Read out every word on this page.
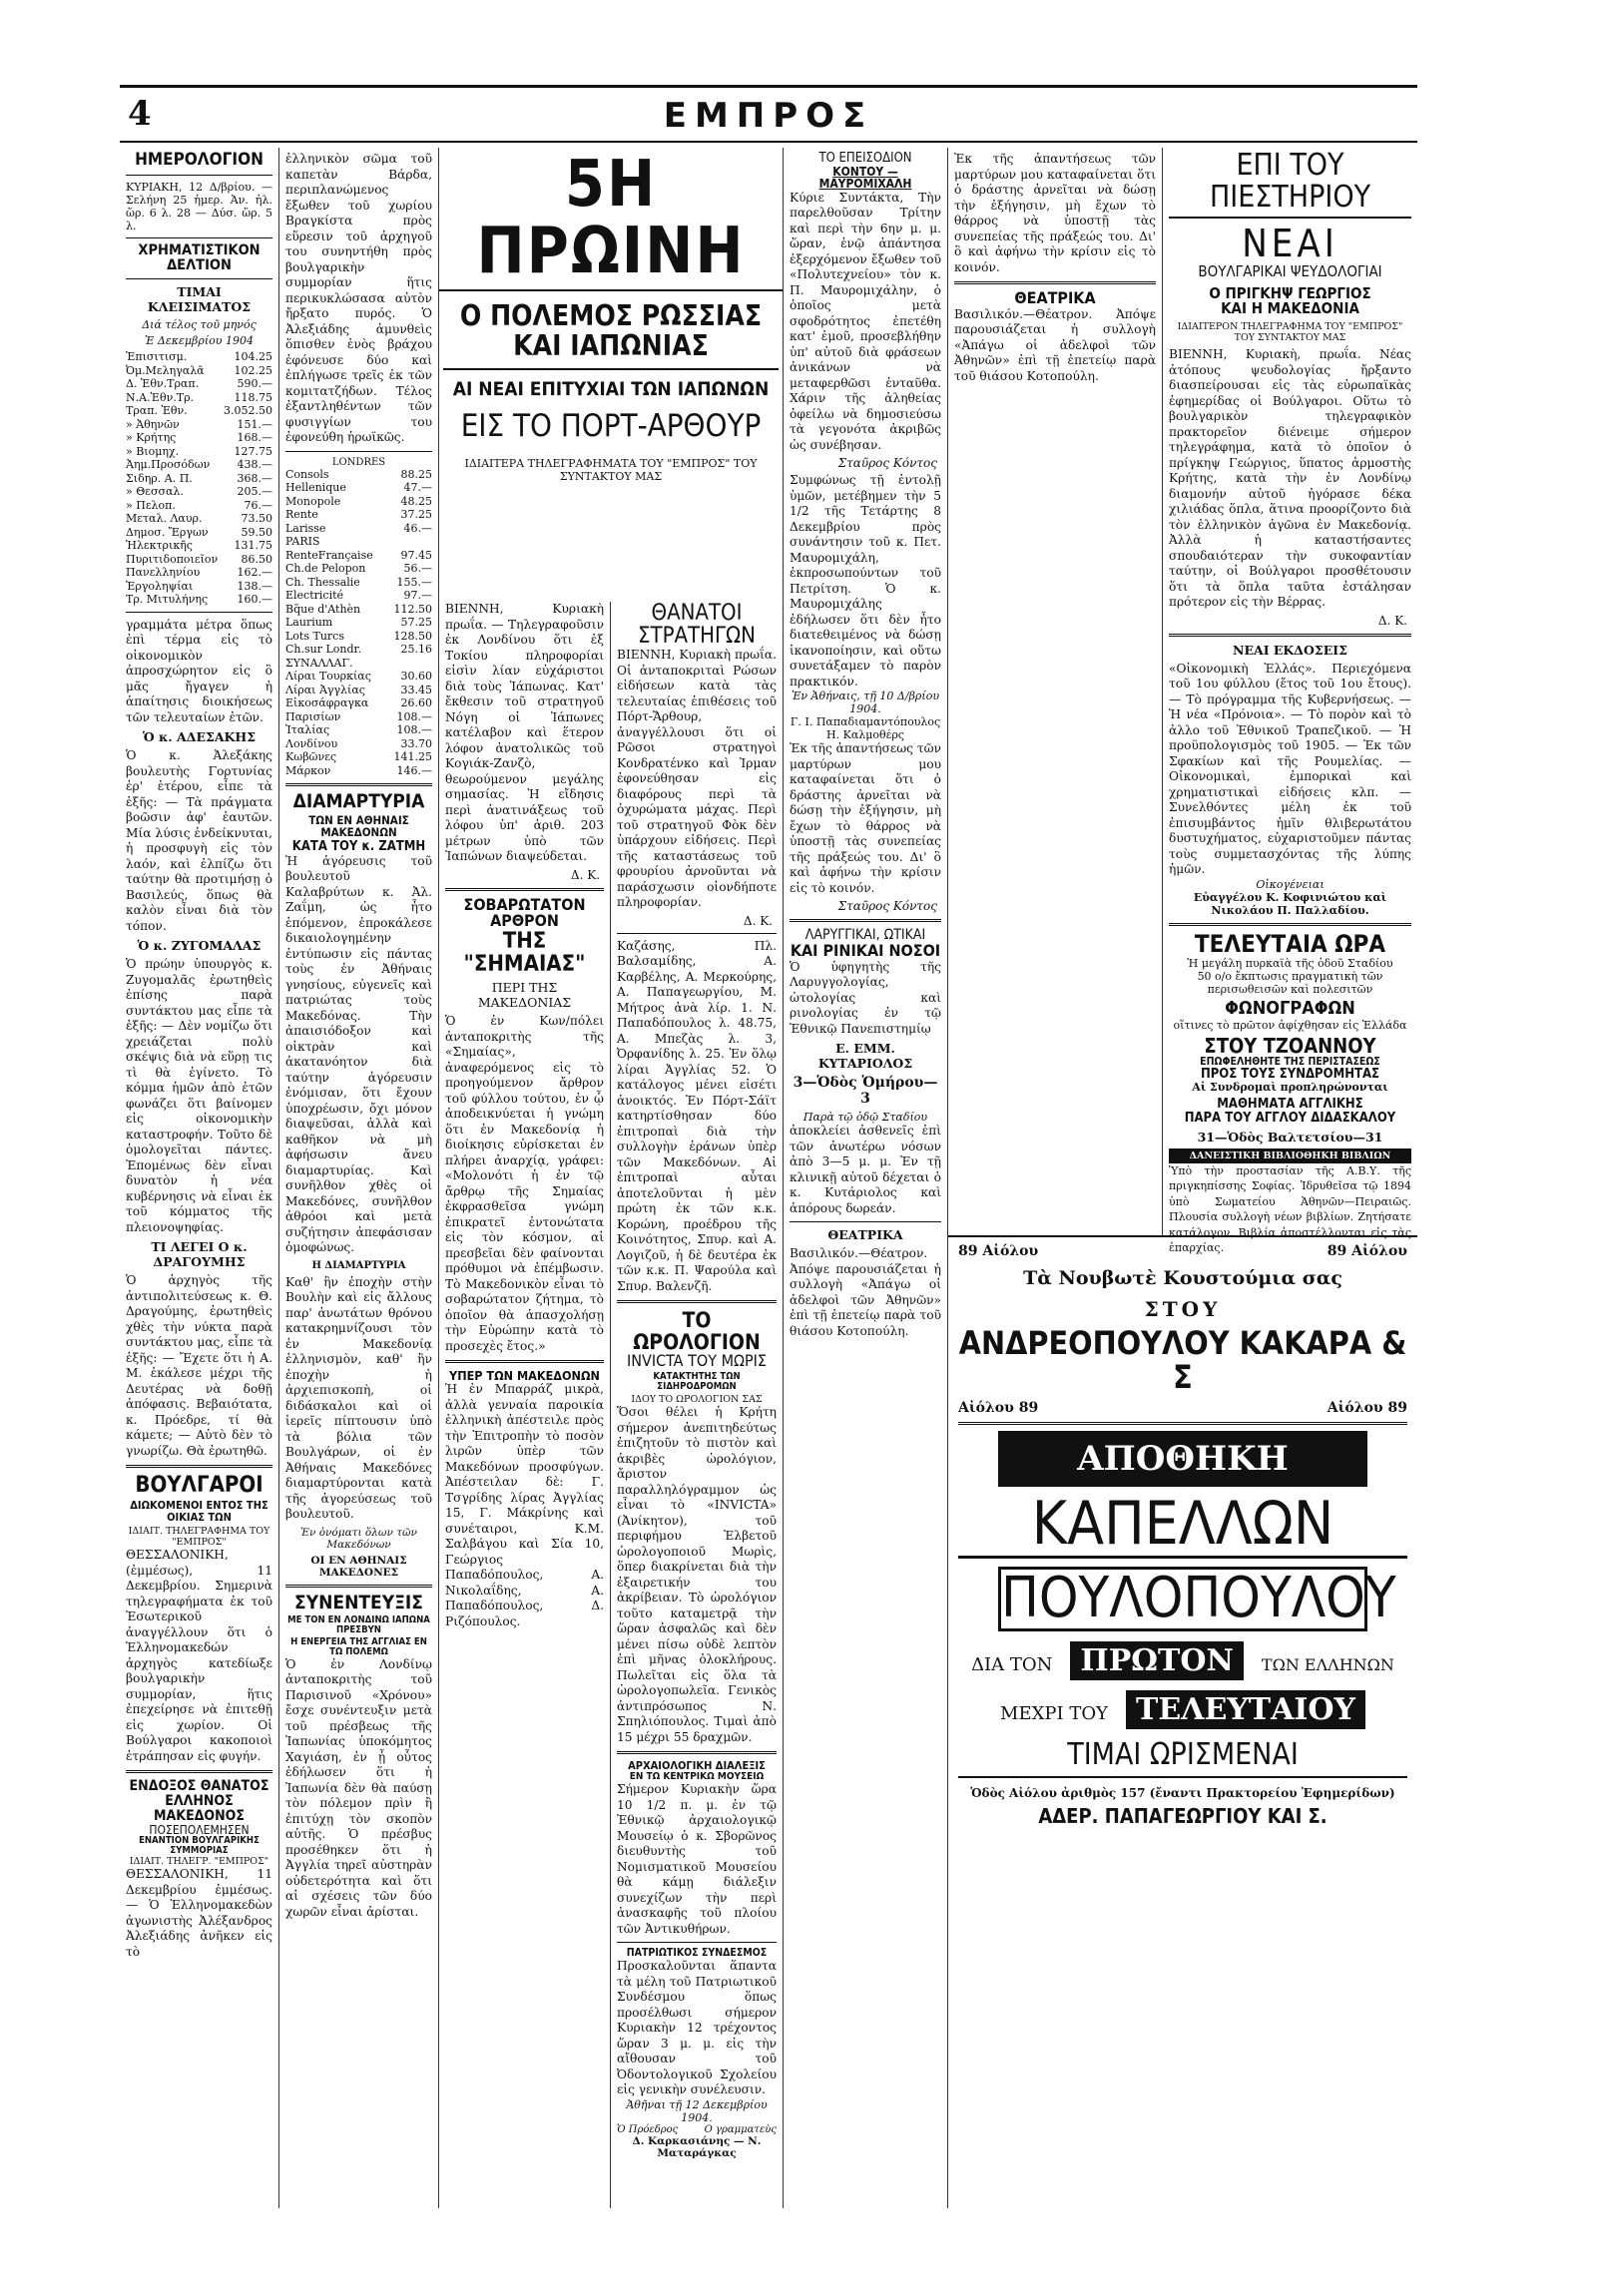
4	ΕΜΠΡΟΣ
ΗΜΕΡΟΛΟΓΙΟΝ
ΚΥΡΙΑΚΗ, 12 Δ/βρίου. — Σελήνη 25 ἡμερ. Ἀν. ἡλ. ὥρ. 6 λ. 28 — Δύσ. ὥρ. 5 λ.
ΧΡΗΜΑΤΙΣΤΙΚΟΝ ΔΕΛΤΙΟΝ
ΤΙΜΑΙ ΚΛΕΙΣΙΜΑΤΟΣ
Διά τέλος τοῦ μηνός
Ἐ Δεκεμβρίου 1904
Ἐπισιτισμ.	104.25
Ὀμ.Μεληγαλᾶ	102.25
Δ. Ἐθν.Τραπ.	590.—
Ν.Α.Ἐθν.Τρ.	118.75
Τραπ. Ἐθν.	3.052.50
» Ἀθηνῶν	151.—
» Κρήτης	168.—
» Βιομηχ.	127.75
Ἀημ.Προσόδων 438.—
Σιδηρ. Α. Π.	368.—
» Θεσσαλ.	205.—
» Πελοπ.	76.—
Μεταλ. Λαυρ.	73.50
Δημοσ. Ἔργων	59.50
Ἡλεκτρικῆς	131.75
Πυριτιδοποιεῖον 86.50
Πανελληνίου	162.—
Ἐργοληψίαι	138.—
Τρ. Μιτυλήνης	160.—
γραμμάτα μέτρα ὅπως ἐπὶ τέρμα εἰς τὸ οἰκονομικὸν ἀπροσχώρητον εἰς ὃ μᾶς ἤγαγεν ἡ ἀπαίτησις διοικήσεως τῶν τελευταίων ἐτῶν.
Ὁ κ. ΑΔΕΣΑΚΗΣ
Ὁ κ. Ἀλεξάκης βουλευτὴς Γορτυνίας ἐρ' ἑτέρου, εἶπε τὰ ἑξῆς: — Τὰ πράγματα βοῶσιν ἀφ' ἑαυτῶν. Μία λύσις ἐνδείκνυται, ἡ προσφυγὴ εἰς τὸν λαόν, καὶ ἐλπίζω ὅτι ταύτην θὰ προτιμήσῃ ὁ Βασιλεύς, ὅπως θὰ καλὸν εἶναι διὰ τὸν τόπον.
Ὁ κ. ΖΥΓΟΜΑΛΑΣ
Ὁ πρώην ὑπουργὸς κ. Ζυγομαλᾶς ἐρωτηθεὶς ἐπίσης παρὰ συντάκτου μας εἶπε τὰ ἑξῆς: — Δὲν νομίζω ὅτι χρειάζεται πολὺ σκέψις διὰ νὰ εὕρῃ τις τὶ θὰ ἐγίνετο. Τὸ κόμμα ἡμῶν ἀπὸ ἐτῶν φωνάζει ὅτι βαίνομεν εἰς οἰκονομικὴν καταστροφήν. Τοῦτο δὲ ὁμολογεῖται πάντες. Ἐπομένως δὲν εἶναι δυνατὸν ἡ νέα κυβέρνησις νὰ εἶναι ἐκ τοῦ κόμματος τῆς πλειονοψηφίας.
ΤΙ ΛΕΓΕΙ Ο κ. ΔΡΑΓΟΥΜΗΣ
Ὁ ἀρχηγὸς τῆς ἀντιπολιτεύσεως κ. Θ. Δραγούμης, ἐρωτηθεὶς χθὲς τὴν νύκτα παρὰ συντάκτου μας, εἶπε τὰ ἑξῆς: — Ἔχετε ὅτι ἡ Α. Μ. ἐκάλεσε μέχρι τῆς Δευτέρας νὰ δοθῇ ἀπόφασις. Βεβαιότατα, κ. Πρόεδρε, τί θὰ κάμετε; — Αὐτὸ δὲν τὸ γνωρίζω. Θὰ ἐρωτηθῶ.
ΒΟΥΛΓΑΡΟΙ
ΔΙΩΚΟΜΕΝΟΙ ΕΝΤΟΣ ΤΗΣ ΟΙΚΙΑΣ ΤΩΝ
ΙΔΙΑΙΤ. ΤΗΛΕΓΡΑΦΗΜΑ ΤΟΥ "ΕΜΠΡΟΣ"
ΘΕΣΣΑΛΟΝΙΚΗ, (ἐμμέσως), 11 Δεκεμβρίου. Σημερινὰ τηλεγραφήματα ἐκ τοῦ Ἐσωτερικοῦ ἀναγγέλλουν ὅτι ὁ Ἑλληνομακεδών ἀρχηγὸς κατεδίωξε βουλγαρικὴν συμμορίαν, ἥτις ἐπεχείρησε νὰ ἐπιτεθῇ εἰς χωρίον. Οἱ Βούλγαροι κακοποιοὶ ἐτράπησαν εἰς φυγήν.
ΕΝΔΟΞΟΣ ΘΑΝΑΤΟΣ
ΕΛΛΗΝΟΣ ΜΑΚΕΔΟΝΟΣ
ΠΟΣΕΠΟΛΕΜΗΣΕΝ
ΕΝΑΝΤΙΟΝ ΒΟΥΛΓΑΡΙΚΗΣ ΣΥΜΜΟΡΙΑΣ
ΙΔΙΑΙΤ. ΤΗΛΕΓΡ. "ΕΜΠΡΟΣ"
ΘΕΣΣΑΛΟΝΙΚΗ, 11 Δεκεμβρίου ἐμμέσως. — Ὁ Ἑλληνομακεδὼν ἀγωνιστὴς Ἀλέξανδρος Ἀλεξιάδης ἀνῆκεν εἰς τὸ
ἑλληνικὸν σῶμα τοῦ καπετὰν Βάρδα, περιπλανώμενος ἔξωθεν τοῦ χωρίου Βραγκίστα πρὸς εὕρεσιν τοῦ ἀρχηγοῦ του συνηντήθη πρὸς βουλγαρικὴν συμμορίαν ἥτις περικυκλώσασα αὐτὸν ἤρξατο πυρός. Ὁ Ἀλεξιάδης ἀμυνθεὶς ὅπισθεν ἑνὸς βράχου ἐφόνευσε δύο καὶ ἐπλήγωσε τρεῖς ἐκ τῶν κομιτατζήδων. Τέλος ἐξαντληθέντων τῶν φυσιγγίων του ἐφονεύθη ἡρωϊκῶς.
LONDRES
Consols	88.25
Hellenique	47.—
Monopole	48.25
Rente	37.25
Larisse	46.—
PARIS
RenteFrançaise	97.45
Ch.de Pelopon	56.—
Ch. Thessalie	155.—
Electricité	97.—
Bq̃ue d'Athèn	112.50
Laurium	57.25
Lots Turcs	128.50
Ch.sur Londr.	25.16
ΣΥΝΑΛΛΑΓ.
Λίραι Τουρκίας	30.60
Λίραι Ἀγγλίας	33.45
Εἰκοσάφραγκα	26.60
Παρισίων	108.—
Ἰταλίας	108.—
Λονδίνου	33.70
Κωβῶνες	141.25
Μάρκον	146.—
ΔΙΑΜΑΡΤΥΡΙΑ
ΤΩΝ ΕΝ ΑΘΗΝΑΙΣ ΜΑΚΕΔΟΝΩΝ
ΚΑΤΑ ΤΟΥ κ. ΖΑΤΜΗ
Ἡ ἀγόρευσις τοῦ βουλευτοῦ Καλαβρύτων κ. Ἀλ. Ζαΐμη, ὡς ἦτο ἑπόμενον, ἐπροκάλεσε δικαιολογημένην ἐντύπωσιν εἰς πάντας τοὺς ἐν Ἀθήναις γνησίους, εὐγενεῖς καὶ πατριώτας τοὺς Μακεδόνας. Τὴν ἀπαισιόδοξον καὶ οἰκτρὰν καὶ ἀκατανόητον διὰ ταύτην ἀγόρευσιν ἐνόμισαν, ὅτι ἔχουν ὑποχρέωσιν, ὄχι μόνον διαψεῦσαι, ἀλλὰ καὶ καθῆκον νὰ μὴ ἀφήσωσιν ἄνευ διαμαρτυρίας. Καὶ συνῆλθον χθὲς οἱ Μακεδόνες, συνῆλθον ἀθρόοι καὶ μετὰ συζήτησιν ἀπεφάσισαν ὁμοφώνως.
Η ΔΙΑΜΑΡΤΥΡΙΑ
Καθ' ἣν ἐποχὴν στὴν Βουλὴν καὶ εἰς ἄλλους παρ' ἀνωτάτων θρόνου κατακρημνίζουσι τὸν ἐν Μακεδονίᾳ ἑλληνισμὸν, καθ' ἣν ἐποχὴν ἡ ἀρχιεπισκοπὴ, οἱ διδάσκαλοι καὶ οἱ ἱερεῖς πίπτουσιν ὑπὸ τὰ βόλια τῶν Βουλγάρων, οἱ ἐν Ἀθήναις Μακεδόνες διαμαρτύρονται κατὰ τῆς ἀγορεύσεως τοῦ βουλευτοῦ.
Ἐν ὀνόματι ὅλων τῶν Μακεδόνων
ΟΙ ΕΝ ΑΘΗΝΑΙΣ ΜΑΚΕΔΟΝΕΣ
ΣΥΝΕΝΤΕΥΞΙΣ
ΜΕ ΤΟΝ ΕΝ ΛΟΝΔΙΝΩ ΙΑΠΩΝΑ ΠΡΕΣΒΥΝ
Η ΕΝΕΡΓΕΙΑ ΤΗΣ ΑΓΓΛΙΑΣ ΕΝ ΤΩ ΠΟΛΕΜΩ
Ὁ ἐν Λονδίνῳ ἀνταποκριτὴς τοῦ Παρισινοῦ «Χρόνου» ἔσχε συνέντευξιν μετὰ τοῦ πρέσβεως τῆς Ἰαπωνίας ὑποκόμητος Χαγιάση, ἐν ᾗ οὗτος ἐδήλωσεν ὅτι ἡ Ἰαπωνία δὲν θὰ παύσῃ τὸν πόλεμον πρὶν ἢ ἐπιτύχῃ τὸν σκοπὸν αὐτῆς. Ὁ πρέσβυς προσέθηκεν ὅτι ἡ Ἀγγλία τηρεῖ αὐστηρὰν οὐδετερότητα καὶ ὅτι αἱ σχέσεις τῶν δύο χωρῶν εἶναι ἀρίσται.
5Η ΠΡΩΙΝΗ
Ο ΠΟΛΕΜΟΣ ΡΩΣΣΙΑΣ ΚΑΙ ΙΑΠΩΝΙΑΣ
ΑΙ ΝΕΑΙ ΕΠΙΤΥΧΙΑΙ ΤΩΝ ΙΑΠΩΝΩΝ
ΕΙΣ ΤΟ ΠΟΡΤ-ΑΡΘΟΥΡ
ΙΔΙΑΙΤΕΡΑ ΤΗΛΕΓΡΑΦΗΜΑΤΑ ΤΟΥ "ΕΜΠΡΟΣ" ΤΟΥ ΣΥΝΤΑΚΤΟΥ ΜΑΣ
ΒΙΕΝΝΗ, Κυριακὴ πρωΐα. — Τηλεγραφοῦσιν ἐκ Λονδίνου ὅτι ἐξ Τοκίου πληροφορίαι εἰσὶν λίαν εὐχάριστοι διὰ τοὺς Ἰάπωνας. Κατ' ἔκθεσιν τοῦ στρατηγοῦ Νόγη οἱ Ἰάπωνες κατέλαβον καὶ ἕτερον λόφον ἀνατολικῶς τοῦ Κογιάκ-Ζανζὸ, θεωρούμενον μεγάλης σημασίας. Ἡ εἴδησις περὶ ἀνατινάξεως τοῦ λόφου ὑπ' ἀριθ. 203 μέτρων ὑπὸ τῶν Ἰαπώνων διαψεύδεται.
Δ. Κ.
ΣΟΒΑΡΩΤΑΤΟΝ ΑΡΘΡΟΝ
ΤΗΣ "ΣΗΜΑΙΑΣ"
ΠΕΡΙ ΤΗΣ ΜΑΚΕΔΟΝΙΑΣ
Ὁ ἐν Κων/πόλει ἀνταποκριτὴς τῆς «Σημαίας», ἀναφερόμενος εἰς τὸ προηγούμενον ἄρθρον τοῦ φύλλου τούτου, ἐν ᾧ ἀποδεικνύεται ἡ γνώμη ὅτι ἐν Μακεδονίᾳ ἡ διοίκησις εὑρίσκεται ἐν πλήρει ἀναρχίᾳ, γράφει: «Μολονότι ἡ ἐν τῷ ἄρθρῳ τῆς Σημαίας ἐκφρασθεῖσα γνώμη ἐπικρατεῖ ἐντονώτατα εἰς τὸν κόσμον, αἱ πρεσβεῖαι δὲν φαίνονται πρόθυμοι νὰ ἐπέμβωσιν. Τὸ Μακεδονικὸν εἶναι τὸ σοβαρώτατον ζήτημα, τὸ ὁποῖον θὰ ἀπασχολήσῃ τὴν Εὐρώπην κατὰ τὸ προσεχὲς ἔτος.»
ΥΠΕΡ ΤΩΝ ΜΑΚΕΔΟΝΩΝ
Ἡ ἐν Μπαρράζ μικρὰ, ἀλλὰ γενναία παροικία ἑλληνικὴ ἀπέστειλε πρὸς τὴν Ἐπιτροπὴν τὸ ποσὸν λιρῶν ὑπὲρ τῶν Μακεδόνων προσφύγων. Ἀπέστειλαν δὲ: Γ. Τσγρίδης λίρας Ἀγγλίας 15, Γ. Μάκρίνης καὶ συνέταιροι, Κ.Μ. Σαλβάγου καὶ Σία 10, Γεώργιος Παπαδόπουλος, Α. Νικολαΐδης, Α. Παπαδόπουλος, Δ. Ριζόπουλος.
ΘΑΝΑΤΟΙ
ΣΤΡΑΤΗΓΩΝ
ΒΙΕΝΝΗ, Κυριακὴ πρωΐα. Οἱ ἀνταποκριταὶ Ρώσων εἰδήσεων κατὰ τὰς τελευταίας ἐπιθέσεις τοῦ Πόρτ-Ἄρθουρ, ἀναγγέλλουσι ὅτι οἱ Ρῶσοι στρατηγοὶ Κονδρατένκο καὶ Ἰρμαν ἐφονεύθησαν εἰς διαφόρους περὶ τὰ ὀχυρώματα μάχας. Περὶ τοῦ στρατηγοῦ Φὸκ δὲν ὑπάρχουν εἰδήσεις. Περὶ τῆς καταστάσεως τοῦ φρουρίου ἀρνοῦνται νὰ παράσχωσιν οἱονδήποτε πληροφορίαν.
Δ. Κ.
Καζάσης, Πλ. Βαλσαμίδης, Α. Καρβέλης, Α. Μερκούρης, Α. Παπαγεωργίου, Μ. Μήτρος ἀνὰ λίρ. 1. Ν. Παπαδόπουλος λ. 48.75, Α. Μπεζὰς λ. 3, Ὀρφανίδης λ. 25. Ἐν ὅλῳ λίραι Ἀγγλίας 52. Ὁ κατάλογος μένει εἰσέτι ἀνοικτός. Ἐν Πόρτ-Σάϊτ κατηρτίσθησαν δύο ἐπιτροπαὶ διὰ τὴν συλλογὴν ἐράνων ὑπὲρ τῶν Μακεδόνων. Αἱ ἐπιτροπαὶ αὗται ἀποτελοῦνται ἡ μὲν πρώτη ἐκ τῶν κ.κ. Κορώνη, προέδρου τῆς Κοινότητος, Σπυρ. καὶ Α. Λογιζοῦ, ἡ δὲ δευτέρα ἐκ τῶν κ.κ. Π. Ψαρούλα καὶ Σπυρ. Βαλενζῆ.
ΤΟ ΩΡΟΛΟΓΙΟΝ
INVICTA ΤΟΥ ΜΩΡΙΣ
ΚΑΤΑΚΤΗΤΗΣ ΤΩΝ ΣΙΔΗΡΟΔΡΟΜΩΝ
ΙΔΟΥ ΤΟ ΩΡΟΛΟΓΙΟΝ ΣΑΣ
Ὅσοι θέλει ἡ Κρήτη σήμερον ἀνεπιτηδεύτως ἐπιζητοῦν τὸ πιστὸν καὶ ἀκριβὲς ὡρολόγιον, ἄριστον παραλληλόγραμμον ὡς εἶναι τὸ «INVICTA» (Ἀνίκητον), τοῦ περιφήμου Ἑλβετοῦ ὡρολογοποιοῦ Μωρὶς, ὅπερ διακρίνεται διὰ τὴν ἐξαιρετικήν του ἀκρίβειαν. Τὸ ὡρολόγιον τοῦτο καταμετρᾷ τὴν ὥραν ἀσφαλῶς καὶ δὲν μένει πίσω οὐδὲ λεπτὸν ἐπὶ μῆνας ὁλοκλήρους. Πωλεῖται εἰς ὅλα τὰ ὡρολογοπωλεῖα. Γενικὸς ἀντιπρόσωπος Ν. Σπηλιόπουλος. Τιμαὶ ἀπὸ 15 μέχρι 55 δραχμῶν.
ΑΡΧΑΙΟΛΟΓΙΚΗ ΔΙΑΛΕΞΙΣ
ΕΝ ΤΩ ΚΕΝΤΡΙΚΩ ΜΟΥΣΕΙΩ
Σήμερον Κυριακὴν ὥρα 10 1/2 π. μ. ἐν τῷ Ἐθνικῷ ἀρχαιολογικῷ Μουσείῳ ὁ κ. Σβορῶνος διευθυντὴς τοῦ Νομισματικοῦ Μουσείου θὰ κάμῃ διάλεξιν συνεχίζων τὴν περὶ ἀνασκαφῆς τοῦ πλοίου τῶν Ἀντικυθήρων.
ΠΑΤΡΙΩΤΙΚΟΣ ΣΥΝΔΕΣΜΟΣ
Προσκαλοῦνται ἅπαντα τὰ μέλη τοῦ Πατριωτικοῦ Συνδέσμου ὅπως προσέλθωσι σήμερον Κυριακὴν 12 τρέχοντος ὥραν 3 μ. μ. εἰς τὴν αἴθουσαν τοῦ Ὀδοντολογικοῦ Σχολείου εἰς γενικὴν συνέλευσιν.
Ἀθῆναι τῇ 12 Δεκεμβρίου 1904.
Ὁ Πρόεδρος	Ο γραμματεὺς
Δ. Καρκασιάνης — Ν. Ματαράγκας
ΤΟ ΕΠΕΙΣΟΔΙΟΝ
ΚΟΝΤΟΥ — ΜΑΥΡΟΜΙΧΑΛΗ
Κύριε Συντάκτα, Τὴν παρελθοῦσαν Τρίτην καὶ περὶ τὴν 6ην μ. μ. ὥραν, ἐνῷ ἀπάντησα ἐξερχόμενον ἔξωθεν τοῦ «Πολυτεχνείου» τὸν κ. Π. Μαυρομιχάλην, ὁ ὁποῖος μετὰ σφοδρότητος ἐπετέθη κατ' ἐμοῦ, προσεβλήθην ὑπ' αὐτοῦ διὰ φράσεων ἀνικάνων νὰ μεταφερθῶσι ἐνταῦθα. Χάριν τῆς ἀληθείας ὀφείλω νὰ δημοσιεύσω τὰ γεγονότα ἀκριβῶς ὡς συνέβησαν.
Σταῦρος Κόντος
Συμφώνως τῇ ἐντολῇ ὑμῶν, μετέβημεν τὴν 5 1/2 τῆς Τετάρτης 8 Δεκεμβρίου πρὸς συνάντησιν τοῦ κ. Πετ. Μαυρομιχάλη, ἐκπροσωπούντων τοῦ Πετρίτση. Ὁ κ. Μαυρομιχάλης ἐδήλωσεν ὅτι δὲν ἦτο διατεθειμένος νὰ δώσῃ ἱκανοποίησιν, καὶ οὕτω συνετάξαμεν τὸ παρὸν πρακτικόν.
Ἐν Ἀθήναις, τῇ 10 Δ/βρίου 1904.
Γ. Ι. Παπαδιαμαντόπουλος
Η. Καλμοθέρς
Ἐκ τῆς ἀπαντήσεως τῶν μαρτύρων μου καταφαίνεται ὅτι ὁ δράστης ἀρνεῖται νὰ δώσῃ τὴν ἐξήγησιν, μὴ ἔχων τὸ θάρρος νὰ ὑποστῇ τὰς συνεπείας τῆς πράξεώς του. Δι' ὃ καὶ ἀφήνω τὴν κρίσιν εἰς τὸ κοινόν.
Σταῦρος Κόντος
ΛΑΡΥΓΓΙΚΑΙ, ΩΤΙΚΑΙ
ΚΑΙ ΡΙΝΙΚΑΙ ΝΟΣΟΙ
Ὁ ὑφηγητὴς τῆς Λαρυγγολογίας, ὠτολογίας καὶ ρινολογίας ἐν τῷ Ἐθνικῷ Πανεπιστημίῳ
Ε. ΕΜΜ. ΚΥΤΑΡΙΟΛΟΣ
3—Ὁδὸς Ὁμήρου—3
Παρὰ τῷ ὁδῷ Σταδίου
ἀποκλείει ἀσθενεῖς ἐπὶ τῶν ἀνωτέρω νόσων ἀπὸ 3—5 μ. μ. Ἐν τῇ κλινικῇ αὐτοῦ δέχεται ὁ κ. Κυτάριολος καὶ ἀπόρους δωρεάν.
ΘΕΑΤΡΙΚΑ
Βασιλικόν.—Θέατρον. Ἀπόψε παρουσιάζεται ἡ συλλογὴ «Ἀπάγω οἱ ἀδελφοὶ τῶν Ἀθηνῶν» ἐπὶ τῇ ἐπετείῳ παρὰ τοῦ θιάσου Κοτοπούλη.
Ἐκ τῆς ἀπαντήσεως τῶν μαρτύρων μου καταφαίνεται ὅτι ὁ δράστης ἀρνεῖται νὰ δώσῃ τὴν ἐξήγησιν, μὴ ἔχων τὸ θάρρος νὰ ὑποστῇ τὰς συνεπείας τῆς πράξεώς του. Δι' ὃ καὶ ἀφήνω τὴν κρίσιν εἰς τὸ κοινόν.
ΘΕΑΤΡΙΚΑ
Βασιλικόν.—Θέατρον. Ἀπόψε παρουσιάζεται ἡ συλλογὴ «Ἀπάγω οἱ ἀδελφοὶ τῶν Ἀθηνῶν» ἐπὶ τῇ ἐπετείῳ παρὰ τοῦ θιάσου Κοτοπούλη.
ΕΠΙ ΤΟΥ ΠΙΕΣΤΗΡΙΟΥ
ΝΕΑΙ
ΒΟΥΛΓΑΡΙΚΑΙ ΨΕΥΔΟΛΟΓΙΑΙ
Ο ΠΡΙΓΚΗΨ ΓΕΩΡΓΙΟΣ
ΚΑΙ Η ΜΑΚΕΔΟΝΙΑ
ΙΔΙΑΙΤΕΡΟΝ ΤΗΛΕΓΡΑΦΗΜΑ ΤΟΥ "ΕΜΠΡΟΣ" ΤΟΥ ΣΥΝΤΑΚΤΟΥ ΜΑΣ
ΒΙΕΝΝΗ, Κυριακὴ, πρωΐα. Νέας ἀτόπους ψευδολογίας ἤρξαντο διασπείρουσαι εἰς τὰς εὐρωπαϊκὰς ἐφημερίδας οἱ Βούλγαροι. Οὕτω τὸ βουλγαρικὸν τηλεγραφικὸν πρακτορεῖον διένειμε σήμερον τηλεγράφημα, κατὰ τὸ ὁποῖον ὁ πρίγκηψ Γεώργιος, ὕπατος ἁρμοστὴς Κρήτης, κατὰ τὴν ἐν Λονδίνῳ διαμονήν αὐτοῦ ἠγόρασε δέκα χιλιάδας ὅπλα, ἅτινα προορίζοντο διὰ τὸν ἑλληνικὸν ἀγῶνα ἐν Μακεδονίᾳ. Ἀλλὰ ἡ καταστήσαντες σπουδαιότεραν τὴν συκοφαντίαν ταύτην, οἱ Βούλγαροι προσθέτουσιν ὅτι τὰ ὅπλα ταῦτα ἐστάλησαν πρότερον εἰς τὴν Βέρρας.
Δ. Κ.
ΝΕΑΙ ΕΚΔΟΣΕΙΣ
«Οἰκονομικὴ Ἑλλάς». Περιεχόμενα τοῦ 1ου φύλλου (ἔτος τοῦ 1ου ἔτους). — Τὸ πρόγραμμα τῆς Κυβερνήσεως. — Ἡ νέα «Πρόνοια». — Τὸ πορὸν καὶ τὸ ἀλλο τοῦ Ἐθνικοῦ Τραπεζικοῦ. — Ἡ προϋπολογισμὸς τοῦ 1905. — Ἐκ τῶν Σφακίων καὶ τῆς Ρουμελίας. — Οἰκονομικαὶ, ἐμπορικαὶ καὶ χρηματιστικαὶ εἰδήσεις κλπ. — Συνελθόντες μέλη ἐκ τοῦ ἐπισυμβάντος ἡμῖν θλιβερωτάτου δυστυχήματος, εὐχαριστοῦμεν πάντας τοὺς συμμετασχόντας τῆς λύπης ἡμῶν.
Οἰκογένειαι
Εὐαγγέλου Κ. Κοφινιώτου καὶ Νικολάου Π. Παλλαδίου.
ΤΕΛΕΥΤΑΙΑ ΩΡΑ
Ἡ μεγάλη πυρκαϊὰ τῆς ὁδοῦ Σταδίου
50 ο/ο ἔκπτωσις πραγματικὴ τῶν περισωθεισῶν καὶ πολεσιτῶν
ΦΩΝΟΓΡΑΦΩΝ
οἵτινες τὸ πρῶτον ἀφίχθησαν εἰς Ἑλλάδα
ΣΤΟΥ ΤΖΟΑΝΝΟΥ
ΕΠΩΦΕΛΗΘΗΤΕ ΤΗΣ ΠΕΡΙΣΤΑΣΕΩΣ
ΠΡΟΣ ΤΟΥΣ ΣΥΝΔΡΟΜΗΤΑΣ
Αἱ Συνδρομαὶ προπληρώνονται
ΜΑΘΗΜΑΤΑ ΑΓΓΛΙΚΗΣ
ΠΑΡΑ ΤΟΥ ΑΓΓΛΟΥ ΔΙΔΑΣΚΑΛΟΥ
31—Ὁδὸς Βαλτετσίου—31
ΔΑΝΕΙΣΤΙΚΗ ΒΙΒΛΙΟΘΗΚΗ ΒΙΒΛΙΩΝ
Ὑπὸ τὴν προστασίαν τῆς Α.Β.Υ. τῆς πριγκηπίσσης Σοφίας. Ἱδρυθεῖσα τῷ 1894 ὑπὸ Σωματείου Ἀθηνῶν—Πειραιῶς. Πλουσία συλλογὴ νέων βιβλίων. Ζητήσατε κατάλογον. Βιβλία ἀποστέλλονται εἰς τὰς ἐπαρχίας.
89 Αἰόλου	89 Αἰόλου
Τὰ Νουβωτὲ Κουστούμια σας
ΣΤΟΥ
ΑΝΔΡΕΟΠΟΥΛΟΥ ΚΑΚΑΡΑ & Σ
Αἰόλου 89	Αἰόλου 89
ΑΠΟΘΗΚΗ
ΚΑΠΕΛΛΩΝ
ΠΟΥΛΟΠΟΥΛΟΥ
ΔΙΑ ΤΟΝ ΠΡΩΤΟΝ	ΤΩΝ ΕΛΛΗΝΩΝ
ΜΕΧΡΙ ΤΟΥ ΤΕΛΕΥΤΑΙΟΥ
ΤΙΜΑΙ ΩΡΙΣΜΕΝΑΙ
Ὁδὸς Αἰόλου ἀριθμὸς 157 (ἔναντι Πρακτορείου Ἐφημερίδων)
ΑΔΕΡ. ΠΑΠΑΓΕΩΡΓΙΟΥ ΚΑΙ Σ.
